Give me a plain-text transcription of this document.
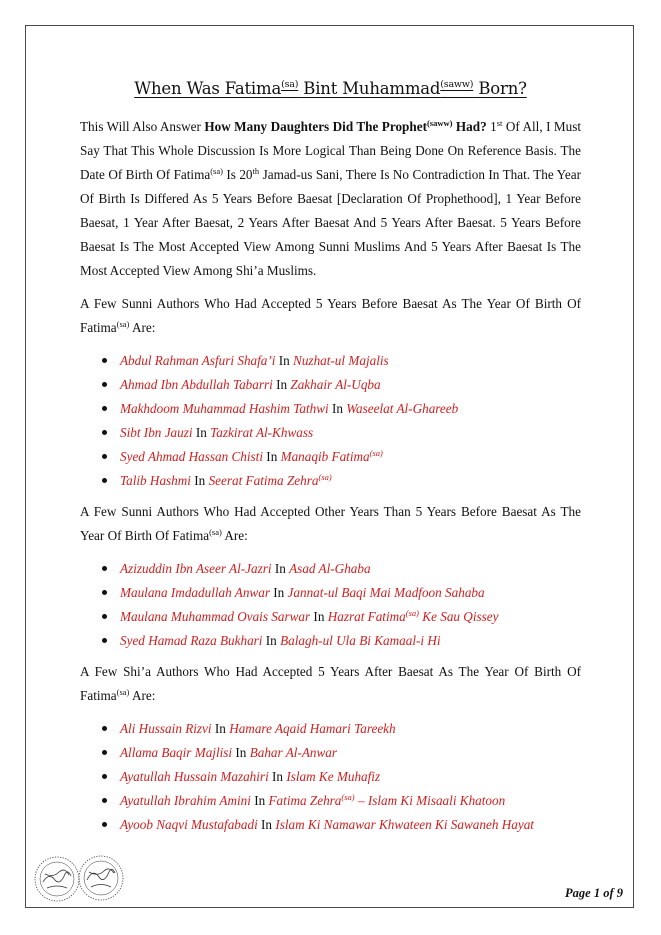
When Was Fatima$^{(sa)}$ Bint Muhammad$^{(saww)}$ Born?

This Will Also Answer How Many Daughters Did The Prophet$^{(saww)}$ Had? 1st Of All, I Must Say That This Whole Discussion Is More Logical Than Being Done On Reference Basis. The Date Of Birth Of Fatima$^{(sa)}$ Is 20th Jamad-us Sani, There Is No Contradiction In That. The Year Of Birth Is Differed As 5 Years Before Baesat [Declaration Of Prophethood], 1 Year Before Baesat, 1 Year After Baesat, 2 Years After Baesat And 5 Years After Baesat. 5 Years Before Baesat Is The Most Accepted View Among Sunni Muslims And 5 Years After Baesat Is The Most Accepted View Among Shi’a Muslims.

A Few Sunni Authors Who Had Accepted 5 Years Before Baesat As The Year Of Birth Of Fatima$^{(sa)}$ Are:

Abdul Rahman Asfuri Shafa’i In Nuzhat-ul Majalis
Ahmad Ibn Abdullah Tabarri In Zakhair Al-Uqba
Makhdoom Muhammad Hashim Tathwi In Waseelat Al-Ghareeb
Sibt Ibn Jauzi In Tazkirat Al-Khwass
Syed Ahmad Hassan Chisti In Manaqib Fatima$^{(sa)}$
Talib Hashmi In Seerat Fatima Zehra$^{(sa)}$

A Few Sunni Authors Who Had Accepted Other Years Than 5 Years Before Baesat As The Year Of Birth Of Fatima$^{(sa)}$ Are:

Azizuddin Ibn Aseer Al-Jazri In Asad Al-Ghaba
Maulana Imdadullah Anwar In Jannat-ul Baqi Mai Madfoon Sahaba
Maulana Muhammad Ovais Sarwar In Hazrat Fatima$^{(sa)}$ Ke Sau Qissey
Syed Hamad Raza Bukhari In Balagh-ul Ula Bi Kamaal-i Hi

A Few Shi’a Authors Who Had Accepted 5 Years After Baesat As The Year Of Birth Of Fatima$^{(sa)}$ Are:

Ali Hussain Rizvi In Hamare Aqaid Hamari Tareekh
Allama Baqir Majlisi In Bahar Al-Anwar
Ayatullah Hussain Mazahiri In Islam Ke Muhafiz
Ayatullah Ibrahim Amini In Fatima Zehra$^{(sa)}$ – Islam Ki Misaali Khatoon
Ayoob Naqvi Mustafabadi In Islam Ki Namawar Khwateen Ki Sawaneh Hayat
Page 1 of 9
